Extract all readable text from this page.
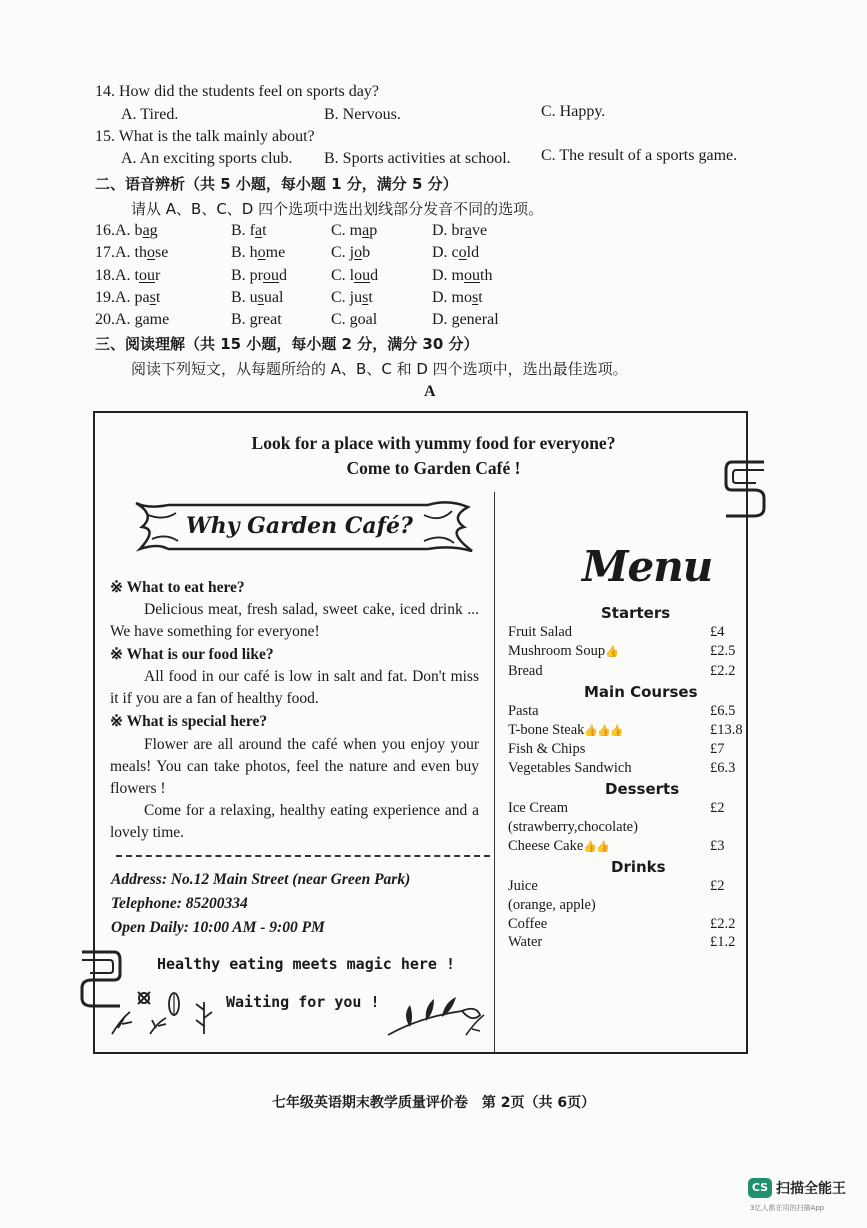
14. How did the students feel on sports day?
A. Tired.	B. Nervous.	C. Happy.
15. What is the talk mainly about?
A. An exciting sports club. B. Sports activities at school. C. The result of a sports game.
二、语音辨析（共 5 小题，每小题 1 分，满分 5 分）
请从 A、B、C、D 四个选项中选出划线部分发音不同的选项。
16.A. bag	B. fat	C. map	D. brave
17.A. those	B. home	C. job	D. cold
18.A. tour	B. proud	C. loud	D. mouth
19.A. past	B. usual	C. just	D. most
20.A. game	B. great	C. goal	D. general
三、阅读理解（共 15 小题，每小题 2 分，满分 30 分）
阅读下列短文，从每题所给的 A、B、C 和 D 四个选项中，选出最佳选项。
A
Look for a place with yummy food for everyone?
Come to Garden Café !
Why Garden Café?
※ What to eat here?
Delicious meat, fresh salad, sweet cake, iced drink ... We have something for everyone!
※ What is our food like?
All food in our café is low in salt and fat. Don't miss it if you are a fan of healthy food.
※ What is special here?
Flower are all around the café when you enjoy your meals! You can take photos, feel the nature and even buy flowers !
Come for a relaxing, healthy eating experience and a lovely time.
Address: No.12 Main Street (near Green Park)
Telephone: 85200334
Open Daily: 10:00 AM - 9:00 PM
Healthy eating meets magic here !
Waiting for you !
Menu
Starters
Fruit Salad	£4
Mushroom Soup👍	£2.5
Bread	£2.2
Main Courses
Pasta	£6.5
T-bone Steak👍👍👍	£13.8
Fish & Chips	£7
Vegetables Sandwich	£6.3
Desserts
Ice Cream	£2
(strawberry,chocolate)
Cheese Cake👍👍	£3
Drinks
Juice	£2
(orange, apple)
Coffee	£2.2
Water	£1.2
七年级英语期末教学质量评价卷　第 2页（共 6页）
CS 扫描全能王
3亿人都在用的扫描App
